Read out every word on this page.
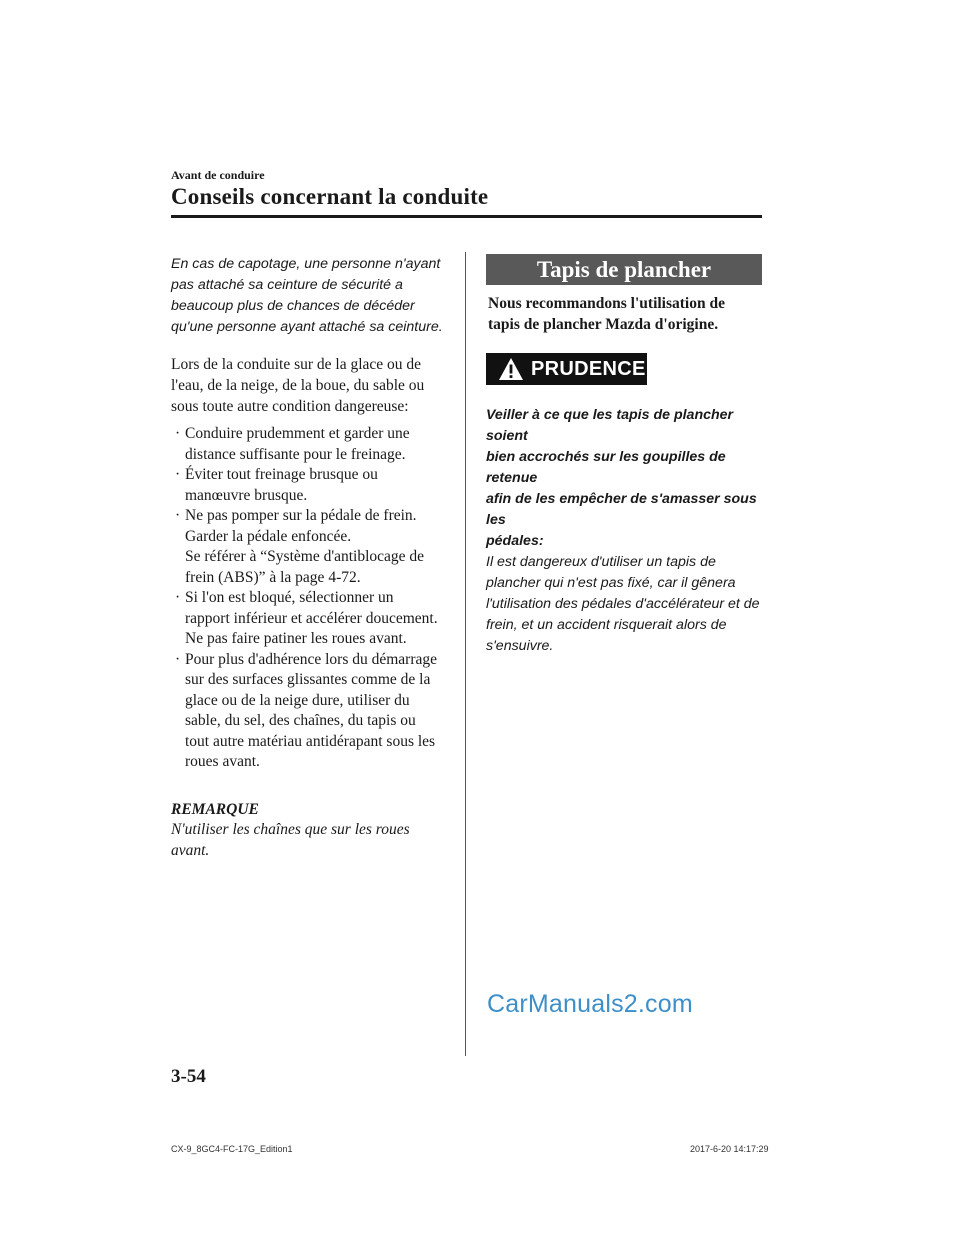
Avant de conduire
Conseils concernant la conduite
En cas de capotage, une personne n'ayant pas attaché sa ceinture de sécurité a beaucoup plus de chances de décéder qu'une personne ayant attaché sa ceinture.
Lors de la conduite sur de la glace ou de l'eau, de la neige, de la boue, du sable ou sous toute autre condition dangereuse:
· Conduire prudemment et garder une
distance suffisante pour le freinage.
· Éviter tout freinage brusque ou
manœuvre brusque.
· Ne pas pomper sur la pédale de frein.
Garder la pédale enfoncée.
Se référer à “Système d'antiblocage de
frein (ABS)” à la page 4-72.
· Si l'on est bloqué, sélectionner un
rapport inférieur et accélérer doucement.
Ne pas faire patiner les roues avant.
· Pour plus d'adhérence lors du démarrage
sur des surfaces glissantes comme de la
glace ou de la neige dure, utiliser du
sable, du sel, des chaînes, du tapis ou
tout autre matériau antidérapant sous les
roues avant.
REMARQUE
N'utiliser les chaînes que sur les roues
avant.
Tapis de plancher
Nous recommandons l'utilisation de
tapis de plancher Mazda d'origine.
PRUDENCE
Veiller à ce que les tapis de plancher soient
bien accrochés sur les goupilles de retenue
afin de les empêcher de s'amasser sous les
pédales:
Il est dangereux d'utiliser un tapis de
plancher qui n'est pas fixé, car il gênera
l'utilisation des pédales d'accélérateur et de
frein, et un accident risquerait alors de
s'ensuivre.
CarManuals2.com
3-54
CX-9_8GC4-FC-17G_Edition1	2017-6-20 14:17:29
